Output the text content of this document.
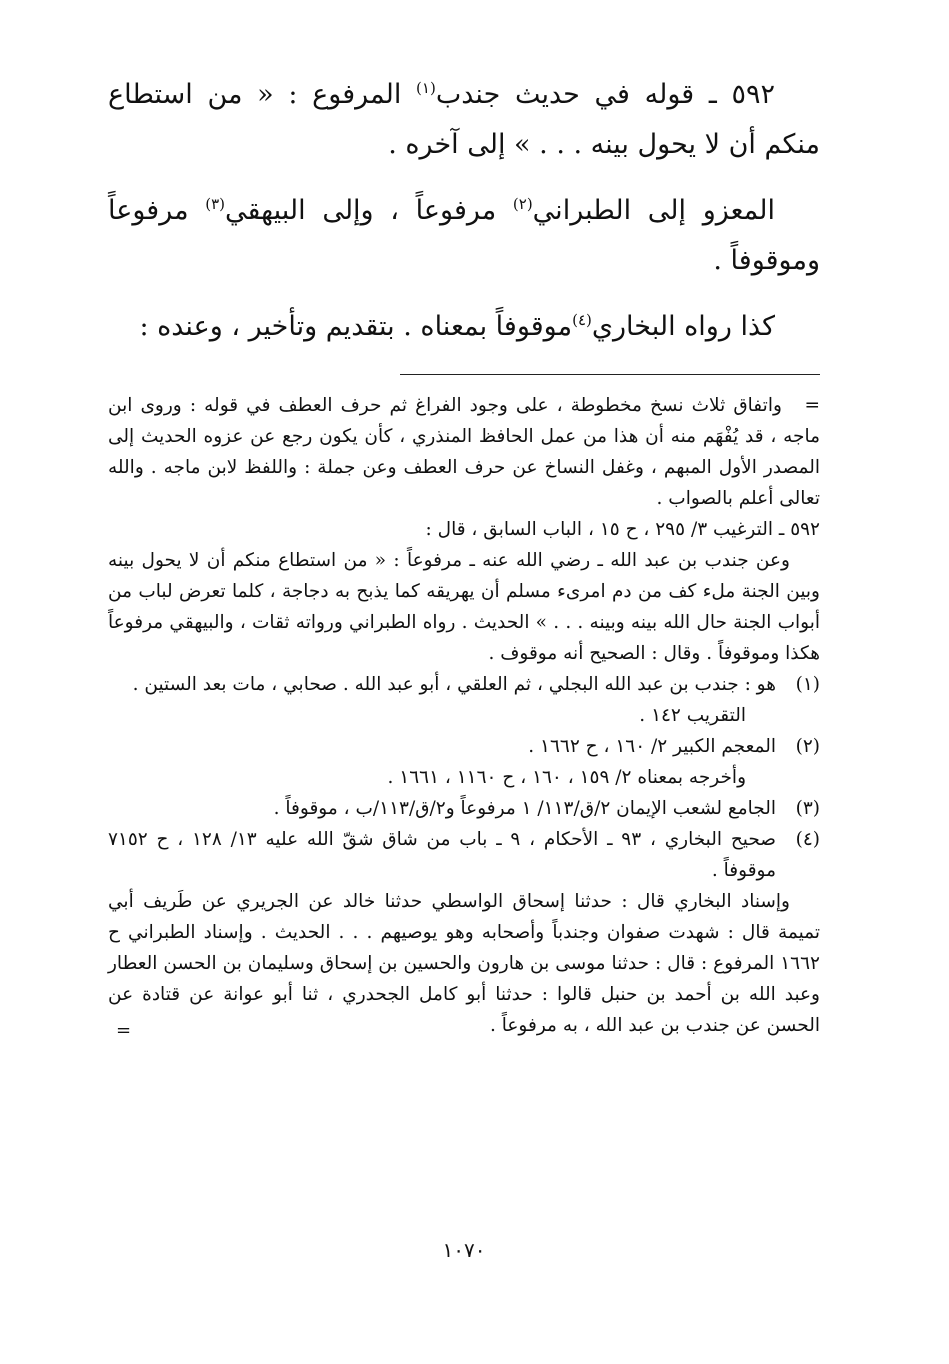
٥٩٢ ـ قوله في حديث جندب$^{(١)}$ المرفوع : « من استطاع منكم أن لا يحول بينه . . . » إلى آخره .

المعزو إلى الطبراني$^{(٢)}$ مرفوعاً ، وإلى البيهقي$^{(٣)}$ مرفوعاً وموقوفاً .

كذا رواه البخاري$^{(٤)}$موقوفاً بمعناه . بتقديم وتأخير ، وعنده :

= واتفاق ثلاث نسخ مخطوطة ، على وجود الفراغ ثم حرف العطف في قوله : وروى ابن ماجه ، قد يُفْهَم منه أن هذا من عمل الحافظ المنذري ، كأن يكون رجع عن عزوه الحديث إلى المصدر الأول المبهم ، وغفل النساخ عن حرف العطف وعن جملة : واللفظ لابن ماجه . والله تعالى أعلم بالصواب .

٥٩٢ ـ الترغيب ٣/ ٢٩٥ ، ح ١٥ ، الباب السابق ، قال :

وعن جندب بن عبد الله ـ رضي الله عنه ـ مرفوعاً : « من استطاع منكم أن لا يحول بينه وبين الجنة ملء كف من دم امرىء مسلم أن يهريقه كما يذبح به دجاجة ، كلما تعرض لباب من أبواب الجنة حال الله بينه وبينه . . . » الحديث . رواه الطبراني ورواته ثقات ، والبيهقي مرفوعاً هكذا وموقوفاً . وقال : الصحيح أنه موقوف .

(١)

هو : جندب بن عبد الله البجلي ، ثم العلقي ، أبو عبد الله . صحابي ، مات بعد الستين .

التقريب ١٤٢ .

(٢)

المعجم الكبير ٢/ ١٦٠ ، ح ١٦٦٢ .

وأخرجه بمعناه ٢/ ١٥٩ ، ١٦٠ ، ح ١١٦٠ ، ١٦٦١ .

(٣)

الجامع لشعب الإيمان ٢/ق/١١٣/ ١ مرفوعاً و٢/ق/١١٣/ب ، موقوفاً .

(٤)

صحيح البخاري ، ٩٣ ـ الأحكام ، ٩ ـ باب من شاق شقّ الله عليه ١٣/ ١٢٨ ، ح ٧١٥٢ موقوفاً .

وإسناد البخاري قال : حدثنا إسحاق الواسطي حدثنا خالد عن الجريري عن طَريف أبي تميمة قال : شهدت صفوان وجندباً وأصحابه وهو يوصيهم . . . الحديث . وإسناد الطبراني ح ١٦٦٢ المرفوع : قال : حدثنا موسى بن هارون والحسين بن إسحاق وسليمان بن الحسن العطار وعبد الله بن أحمد بن حنبل قالوا : حدثنا أبو كامل الجحدري ، ثنا أبو عوانة عن قتادة عن الحسن عن جندب بن عبد الله ، به مرفوعاً .

=
١٠٧٠
